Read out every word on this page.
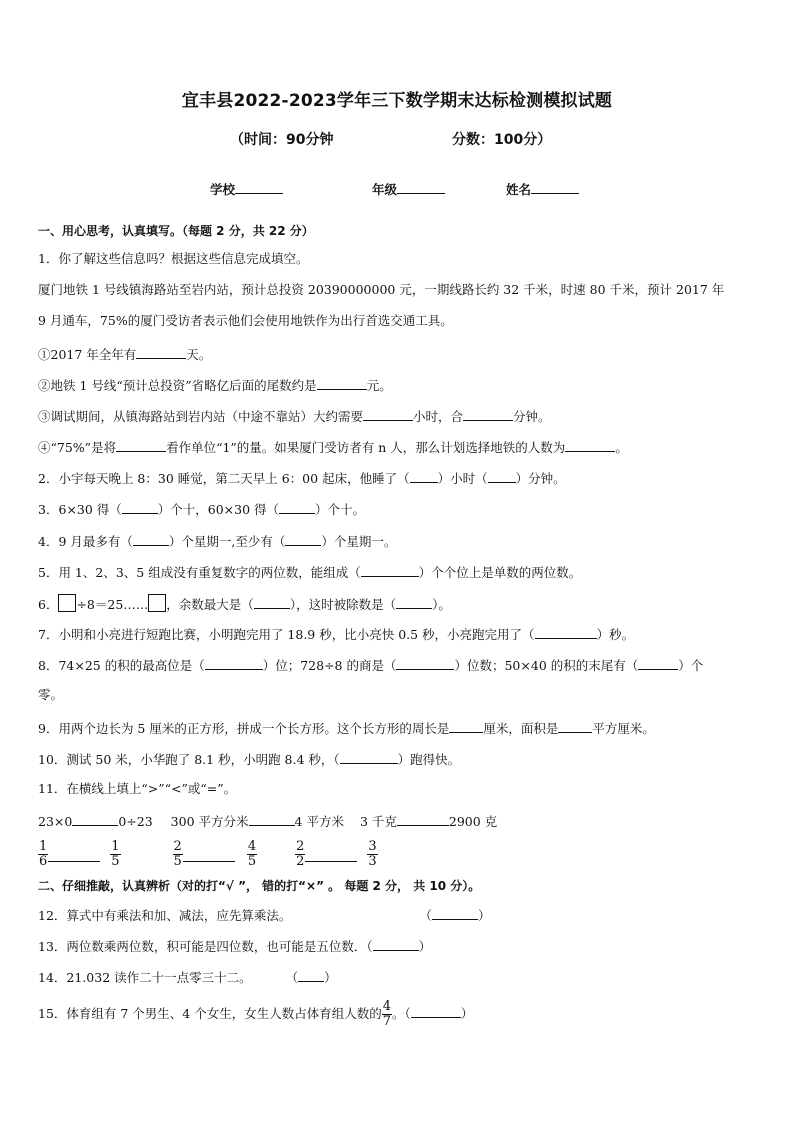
宜丰县2022-2023学年三下数学期末达标检测模拟试题
（时间：90分钟	分数：100分）
学校	年级	姓名
一、用心思考，认真填写。（每题 2 分，共 22 分）
1．你了解这些信息吗？根据这些信息完成填空。
厦门地铁 1 号线镇海路站至岩内站，预计总投资 20390000000 元，一期线路长约 32 千米，时速 80 千米，预计 2017 年
9 月通车，75%的厦门受访者表示他们会使用地铁作为出行首选交通工具。
①2017 年全年有	天。
②地铁 1 号线“预计总投资”省略亿后面的尾数约是	元。
③调试期间，从镇海路站到岩内站（中途不靠站）大约需要	小时，合	分钟。
④“75%”是将	看作单位“1”的量。如果厦门受访者有 n 人，那么计划选择地铁的人数为	。
2．小宇每天晚上 8：30 睡觉，第二天早上 6：00 起床，他睡了（ ）小时（ ）分钟。
3．6×30 得（	）个十，60×30 得（	）个十。
4．9 月最多有（	）个星期一,至少有（	）个星期一。
5．用 1、2、3、5 组成没有重复数字的两位数，能组成（	）个个位上是单数的两位数。
6． ÷8＝25…… ，余数最大是（	），这时被除数是（	）。
7．小明和小亮进行短跑比赛，小明跑完用了 18.9 秒，比小亮快 0.5 秒，小亮跑完用了（	）秒。
8．74×25 的积的最高位是（	）位；728÷8 的商是（	）位数；50×40 的积的末尾有（	）个
零。
9．用两个边长为 5 厘米的正方形，拼成一个长方形。这个长方形的周长是	厘米，面积是	平方厘米。
10．测试 50 米，小华跑了 8.1 秒，小明跑 8.4 秒，（	）跑得快。
11．在横线上填上“>”“<”或“=”。
23×0	0÷23 300 平方分米	4 平方米 3 千克	2900 克
$\frac{1}{6}$	$\frac{1}{5}$
	$\frac{2}{5}$	$\frac{4}{5}$
	$\frac{2}{2}$	$\frac{3}{3}$
二、仔细推敲，认真辨析（对的打“√ ”， 错的打“×” 。 每题 2 分， 共 10 分）。
12．算式中有乘法和加、减法，应先算乘法。	（	）
13．两位数乘两位数，积可能是四位数，也可能是五位数．（	）
14．21.032 读作二十一点零三十二。	（ ）
15．体育组有 7 个男生、4 个女生，女生人数占体育组人数的 $\frac{4}{7}$ 。（	）
